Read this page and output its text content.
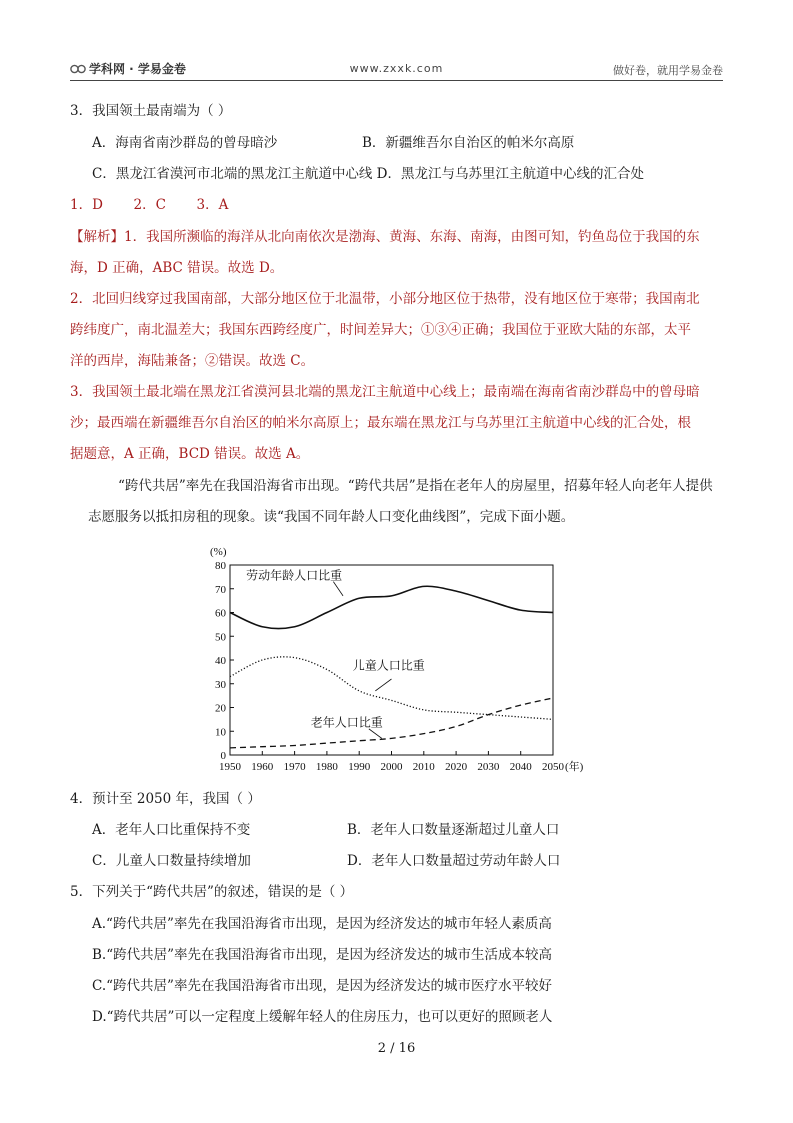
学科网 · 学易金卷	www.zxxk.com	做好卷，就用学易金卷
3．我国领土最南端为（ ）
A．海南省南沙群岛的曾母暗沙	B．新疆维吾尔自治区的帕米尔高原
C．黑龙江省漠河市北端的黑龙江主航道中心线 D．黑龙江与乌苏里江主航道中心线的汇合处
1．D 2．C 3．A
【解析】1．我国所濒临的海洋从北向南依次是渤海、黄海、东海、南海，由图可知，钓鱼岛位于我国的东
海，D 正确，ABC 错误。故选 D。
2．北回归线穿过我国南部，大部分地区位于北温带，小部分地区位于热带，没有地区位于寒带；我国南北
跨纬度广，南北温差大；我国东西跨经度广，时间差异大；①③④正确；我国位于亚欧大陆的东部，太平
洋的西岸，海陆兼备；②错误。故选 C。
3．我国领土最北端在黑龙江省漠河县北端的黑龙江主航道中心线上；最南端在海南省南沙群岛中的曾母暗
沙；最西端在新疆维吾尔自治区的帕米尔高原上；最东端在黑龙江与乌苏里江主航道中心线的汇合处，根
据题意，A 正确，BCD 错误。故选 A。
“跨代共居”率先在我国沿海省市出现。“跨代共居”是指在老年人的房屋里，招募年轻人向老年人提供
志愿服务以抵扣房租的现象。读“我国不同年龄人口变化曲线图”，完成下面小题。
0
10
20
30
40
50
60
70
80
1950 1960 1970 1980 1990 2000 2010 2020 2030 2040 2050
(%)
(年)
劳动年龄人口比重
儿童人口比重
老年人口比重
4．预计至 2050 年，我国（ ）
A．老年人口比重保持不变	B．老年人口数量逐渐超过儿童人口
C．儿童人口数量持续增加	D．老年人口数量超过劳动年龄人口
5．下列关于“跨代共居”的叙述，错误的是（ ）
A.“跨代共居”率先在我国沿海省市出现，是因为经济发达的城市年轻人素质高
B.“跨代共居”率先在我国沿海省市出现，是因为经济发达的城市生活成本较高
C.“跨代共居”率先在我国沿海省市出现，是因为经济发达的城市医疗水平较好
D.“跨代共居”可以一定程度上缓解年轻人的住房压力，也可以更好的照顾老人
2 / 16
